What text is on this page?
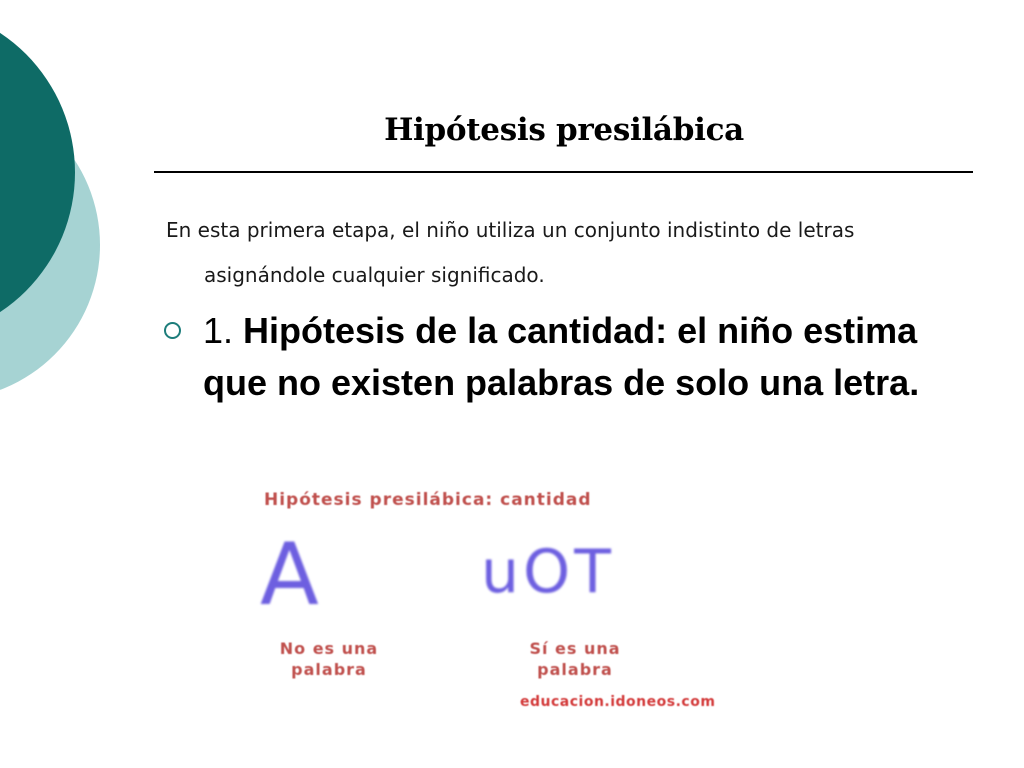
Hipótesis presilábica

En esta primera etapa, el niño utiliza un conjunto indistinto de letras asignándole cualquier significado.

1. Hipótesis de la cantidad: el niño estima que no existen palabras de solo una letra.
Hipótesis presilábica: cantidad
A	uOT
No es una palabra
Sí es una palabra
educacion.idoneos.com
